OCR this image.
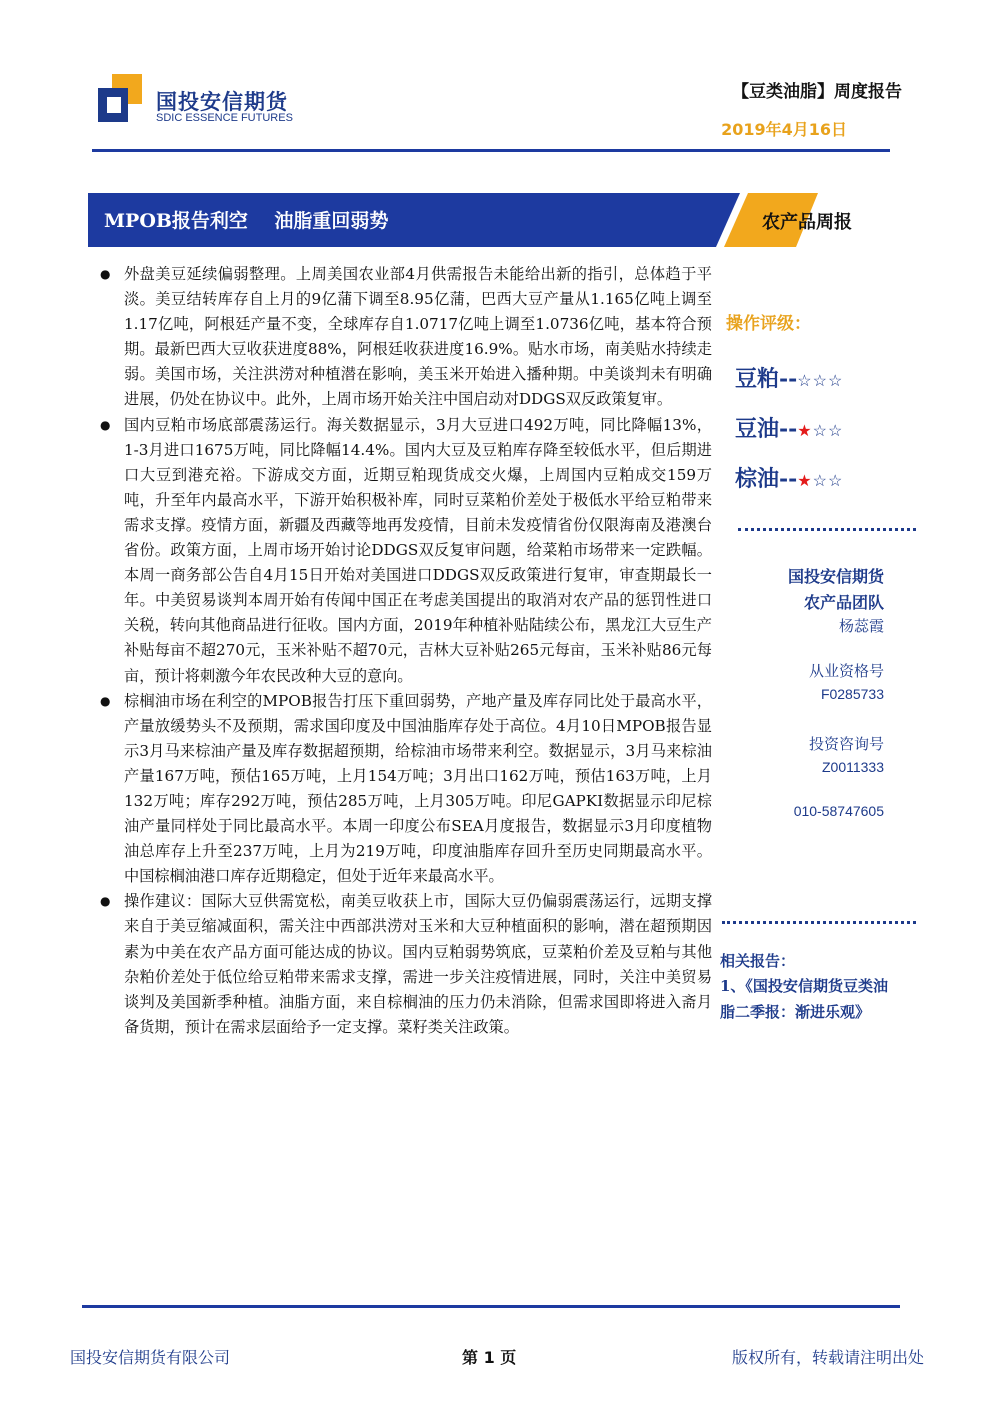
国投安信期货
SDIC ESSENCE FUTURES
【豆类油脂】周度报告
2019年4月16日
MPOB报告利空    油脂重回弱势	农产品周报

● 外盘美豆延续偏弱整理。上周美国农业部4月供需报告未能给出新的指引，总体趋于平淡。美豆结转库存自上月的9亿蒲下调至8.95亿蒲，巴西大豆产量从1.165亿吨上调至1.17亿吨，阿根廷产量不变，全球库存自1.0717亿吨上调至1.0736亿吨，基本符合预期。最新巴西大豆收获进度88%，阿根廷收获进度16.9%。贴水市场，南美贴水持续走弱。美国市场，关注洪涝对种植潜在影响，美玉米开始进入播种期。中美谈判未有明确进展，仍处在协议中。此外，上周市场开始关注中国启动对DDGS双反政策复审。

● 国内豆粕市场底部震荡运行。海关数据显示，3月大豆进口492万吨，同比降幅13%，1-3月进口1675万吨，同比降幅14.4%。国内大豆及豆粕库存降至较低水平，但后期进口大豆到港充裕。下游成交方面，近期豆粕现货成交火爆，上周国内豆粕成交159万吨，升至年内最高水平，下游开始积极补库，同时豆菜粕价差处于极低水平给豆粕带来需求支撑。疫情方面，新疆及西藏等地再发疫情，目前未发疫情省份仅限海南及港澳台省份。政策方面，上周市场开始讨论DDGS双反复审问题，给菜粕市场带来一定跌幅。本周一商务部公告自4月15日开始对美国进口DDGS双反政策进行复审，审查期最长一年。中美贸易谈判本周开始有传闻中国正在考虑美国提出的取消对农产品的惩罚性进口关税，转向其他商品进行征收。国内方面，2019年种植补贴陆续公布，黑龙江大豆生产补贴每亩不超270元，玉米补贴不超70元，吉林大豆补贴265元每亩，玉米补贴86元每亩，预计将刺激今年农民改种大豆的意向。

● 棕榈油市场在利空的MPOB报告打压下重回弱势，产地产量及库存同比处于最高水平，产量放缓势头不及预期，需求国印度及中国油脂库存处于高位。4月10日MPOB报告显示3月马来棕油产量及库存数据超预期，给棕油市场带来利空。数据显示，3月马来棕油产量167万吨，预估165万吨，上月154万吨；3月出口162万吨，预估163万吨，上月132万吨；库存292万吨，预估285万吨，上月305万吨。印尼GAPKI数据显示印尼棕油产量同样处于同比最高水平。本周一印度公布SEA月度报告，数据显示3月印度植物油总库存上升至237万吨，上月为219万吨，印度油脂库存回升至历史同期最高水平。中国棕榈油港口库存近期稳定，但处于近年来最高水平。

● 操作建议：国际大豆供需宽松，南美豆收获上市，国际大豆仍偏弱震荡运行，远期支撑来自于美豆缩减面积，需关注中西部洪涝对玉米和大豆种植面积的影响，潜在超预期因素为中美在农产品方面可能达成的协议。国内豆粕弱势筑底，豆菜粕价差及豆粕与其他杂粕价差处于低位给豆粕带来需求支撑，需进一步关注疫情进展，同时，关注中美贸易谈判及美国新季种植。油脂方面，来自棕榈油的压力仍未消除，但需求国即将进入斋月备货期，预计在需求层面给予一定支撑。菜籽类关注政策。

操作评级：
豆粕--☆☆☆
豆油--★☆☆
棕油--★☆☆
国投安信期货
农产品团队
杨蕊霞
从业资格号
F0285733
投资咨询号
Z0011333
010-58747605
相关报告：
1、《国投安信期货豆类油脂二季报：渐进乐观》
国投安信期货有限公司	第 1 页	版权所有，转载请注明出处
